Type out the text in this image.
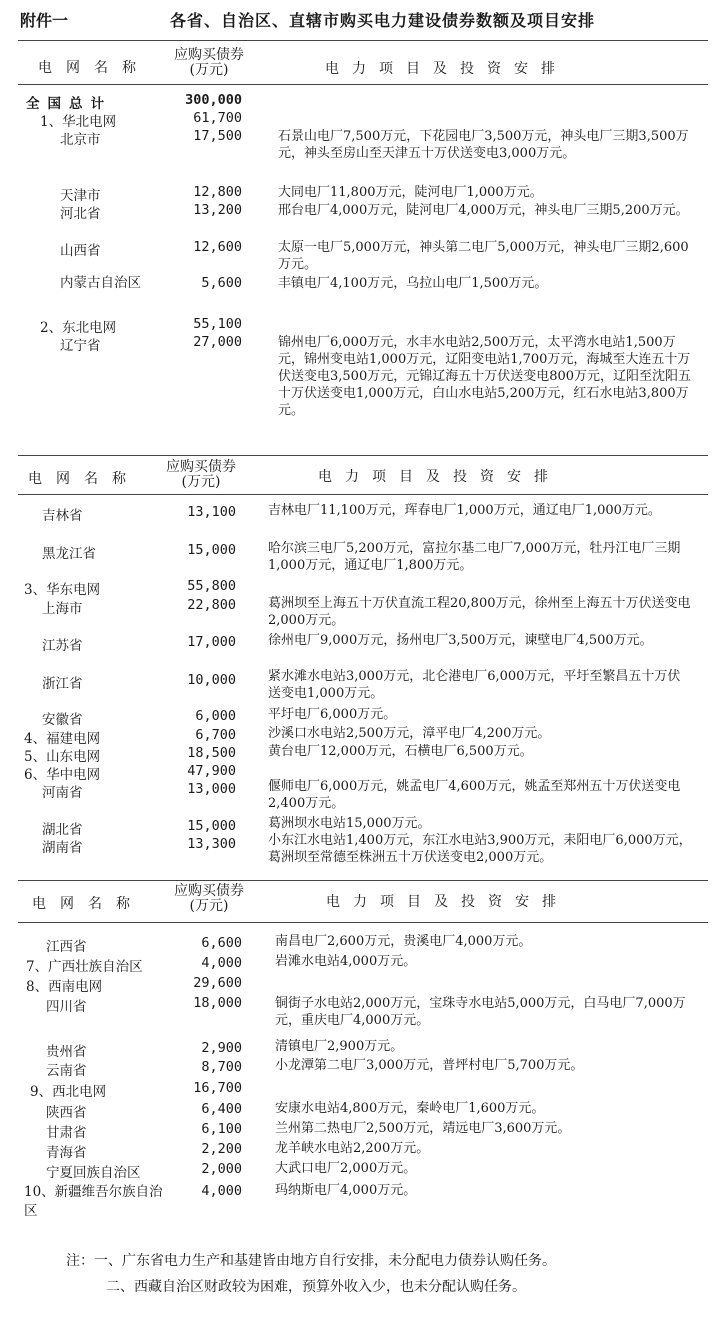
附件一	各省、自治区、直辖市购买电力建设债券数额及项目安排
电网名称
应购买债券
(万元)	电力项目及投资安排
全国总计	300,000
1、华北电网	61,700
北京市	17,500	石景山电厂7,500万元，下花园电厂3,500万元，神头电厂三期3,500万元，神头至房山至天津五十万伏送变电3,000万元。
天津市	12,800	大同电厂11,800万元，陡河电厂1,000万元。
河北省	13,200	邢台电厂4,000万元，陡河电厂4,000万元，神头电厂三期5,200万元。
山西省	12,600	太原一电厂5,000万元，神头第二电厂5,000万元，神头电厂三期2,600万元。
内蒙古自治区	5,600	丰镇电厂4,100万元，乌拉山电厂1,500万元。
2、东北电网	55,100
辽宁省	27,000	锦州电厂6,000万元，水丰水电站2,500万元，太平湾水电站1,500万元，锦州变电站1,000万元，辽阳变电站1,700万元，海城至大连五十万伏送变电3,500万元，元锦辽海五十万伏送变电800万元，辽阳至沈阳五十万伏送变电1,000万元，白山水电站5,200万元，红石水电站3,800万元。
电网名称
应购买债券
(万元)	电力项目及投资安排
吉林省	13,100 吉林电厂11,100万元，珲春电厂1,000万元，通辽电厂1,000万元。
黑龙江省	15,000 哈尔滨三电厂5,200万元，富拉尔基二电厂7,000万元，牡丹江电厂三期1,000万元，通辽电厂1,800万元。
3、华东电网	55,800
上海市	22,800 葛洲坝至上海五十万伏直流工程20,800万元，徐州至上海五十万伏送变电2,000万元。
江苏省	17,000 徐州电厂9,000万元，扬州电厂3,500万元，谏壁电厂4,500万元。
浙江省	10,000 紧水滩水电站3,000万元，北仑港电厂6,000万元，平圩至繁昌五十万伏送变电1,000万元。
安徽省	6,000 平圩电厂6,000万元。
4、福建电网	6,700 沙溪口水电站2,500万元，漳平电厂4,200万元。
5、山东电网	18,500 黄台电厂12,000万元，石横电厂6,500万元。
6、华中电网	47,900
河南省	13,000 偃师电厂6,000万元，姚孟电厂4,600万元，姚孟至郑州五十万伏送变电2,400万元。
湖北省	15,000 葛洲坝水电站15,000万元。
湖南省	13,300 小东江水电站1,400万元，东江水电站3,900万元，耒阳电厂6,000万元，葛洲坝至常德至株洲五十万伏送变电2,000万元。
电网名称
应购买债券
(万元)	电力项目及投资安排
江西省	6,600	南昌电厂2,600万元，贵溪电厂4,000万元。
7、广西壮族自治区	4,000	岩滩水电站4,000万元。
8、西南电网	29,600
四川省	18,000	铜街子水电站2,000万元，宝珠寺水电站5,000万元，白马电厂7,000万元，重庆电厂4,000万元。
贵州省	2,900	清镇电厂2,900万元。
云南省	8,700	小龙潭第二电厂3,000万元，普坪村电厂5,700万元。
9、西北电网	16,700
陕西省	6,400	安康水电站4,800万元，秦岭电厂1,600万元。
甘肃省	6,100	兰州第二热电厂2,500万元，靖远电厂3,600万元。
青海省	2,200	龙羊峡水电站2,200万元。
宁夏回族自治区	2,000	大武口电厂2,000万元。
10、新疆维吾尔族自治区
4,000	玛纳斯电厂4,000万元。
注：一、广东省电力生产和基建皆由地方自行安排，未分配电力债券认购任务。
二、西藏自治区财政较为困难，预算外收入少，也未分配认购任务。
